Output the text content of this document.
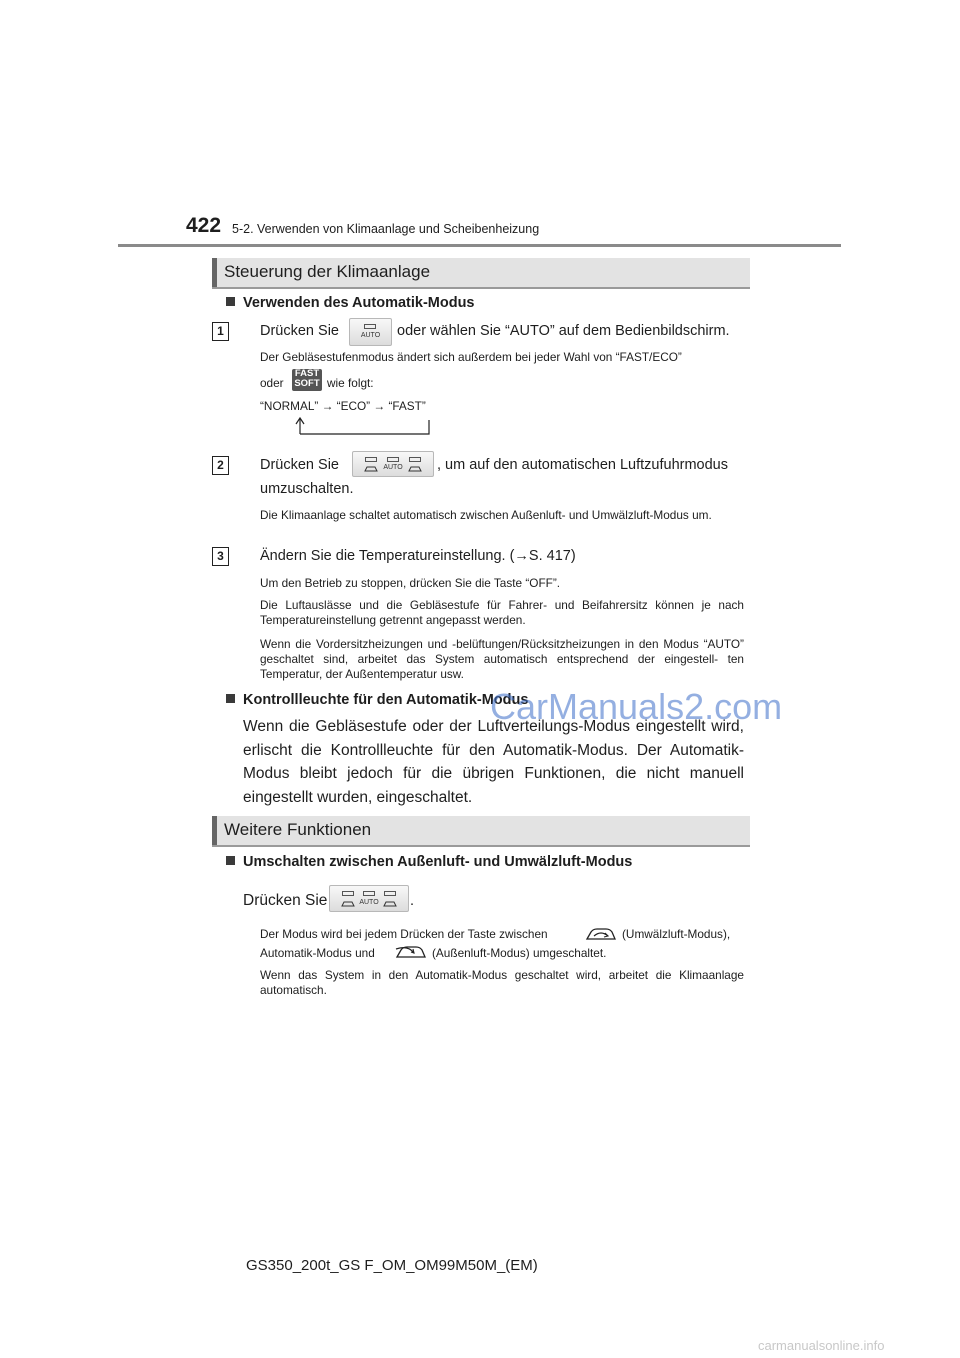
422 5-2. Verwenden von Klimaanlage und Scheibenheizung
Steuerung der Klimaanlage
Verwenden des Automatik-Modus
1	Drücken Sie	AUTO	oder wählen Sie “AUTO” auf dem Bedienbildschirm.
Der Gebläsestufenmodus ändert sich außerdem bei jeder Wahl von “FAST/ECO”
oder
FAST
SOFT wie folgt:
“NORMAL” → “ECO” → “FAST”
2	Drücken Sie	AUTO	, um auf den automatischen Luftzufuhrmodus
umzuschalten.
Die Klimaanlage schaltet automatisch zwischen Außenluft- und Umwälzluft-Modus um.
3	Ändern Sie die Temperatureinstellung. (→S. 417)
Um den Betrieb zu stoppen, drücken Sie die Taste “OFF”.
Die Luftauslässe und die Gebläsestufe für Fahrer- und Beifahrersitz können je nach Temperatureinstellung getrennt angepasst werden.
Wenn die Vordersitzheizungen und -belüftungen/Rücksitzheizungen in den Modus “AUTO” geschaltet sind, arbeitet das System automatisch entsprechend der eingestell- ten Temperatur, der Außentemperatur usw.
Kontrollleuchte für den Automatik-Modus
Wenn die Gebläsestufe oder der Luftverteilungs-Modus eingestellt wird, erlischt die Kontrollleuchte für den Automatik-Modus. Der Automatik-Modus bleibt jedoch für die übrigen Funktionen, die nicht manuell eingestellt wurden, eingeschaltet.
Weitere Funktionen
Umschalten zwischen Außenluft- und Umwälzluft-Modus
Drücken Sie	AUTO	.
Der Modus wird bei jedem Drücken der Taste zwischen	(Umwälzluft-Modus),
Automatik-Modus und	(Außenluft-Modus) umgeschaltet.
Wenn das System in den Automatik-Modus geschaltet wird, arbeitet die Klimaanlage automatisch.
CarManuals2.com
carmanualsonline.info
GS350_200t_GS F_OM_OM99M50M_(EM)
